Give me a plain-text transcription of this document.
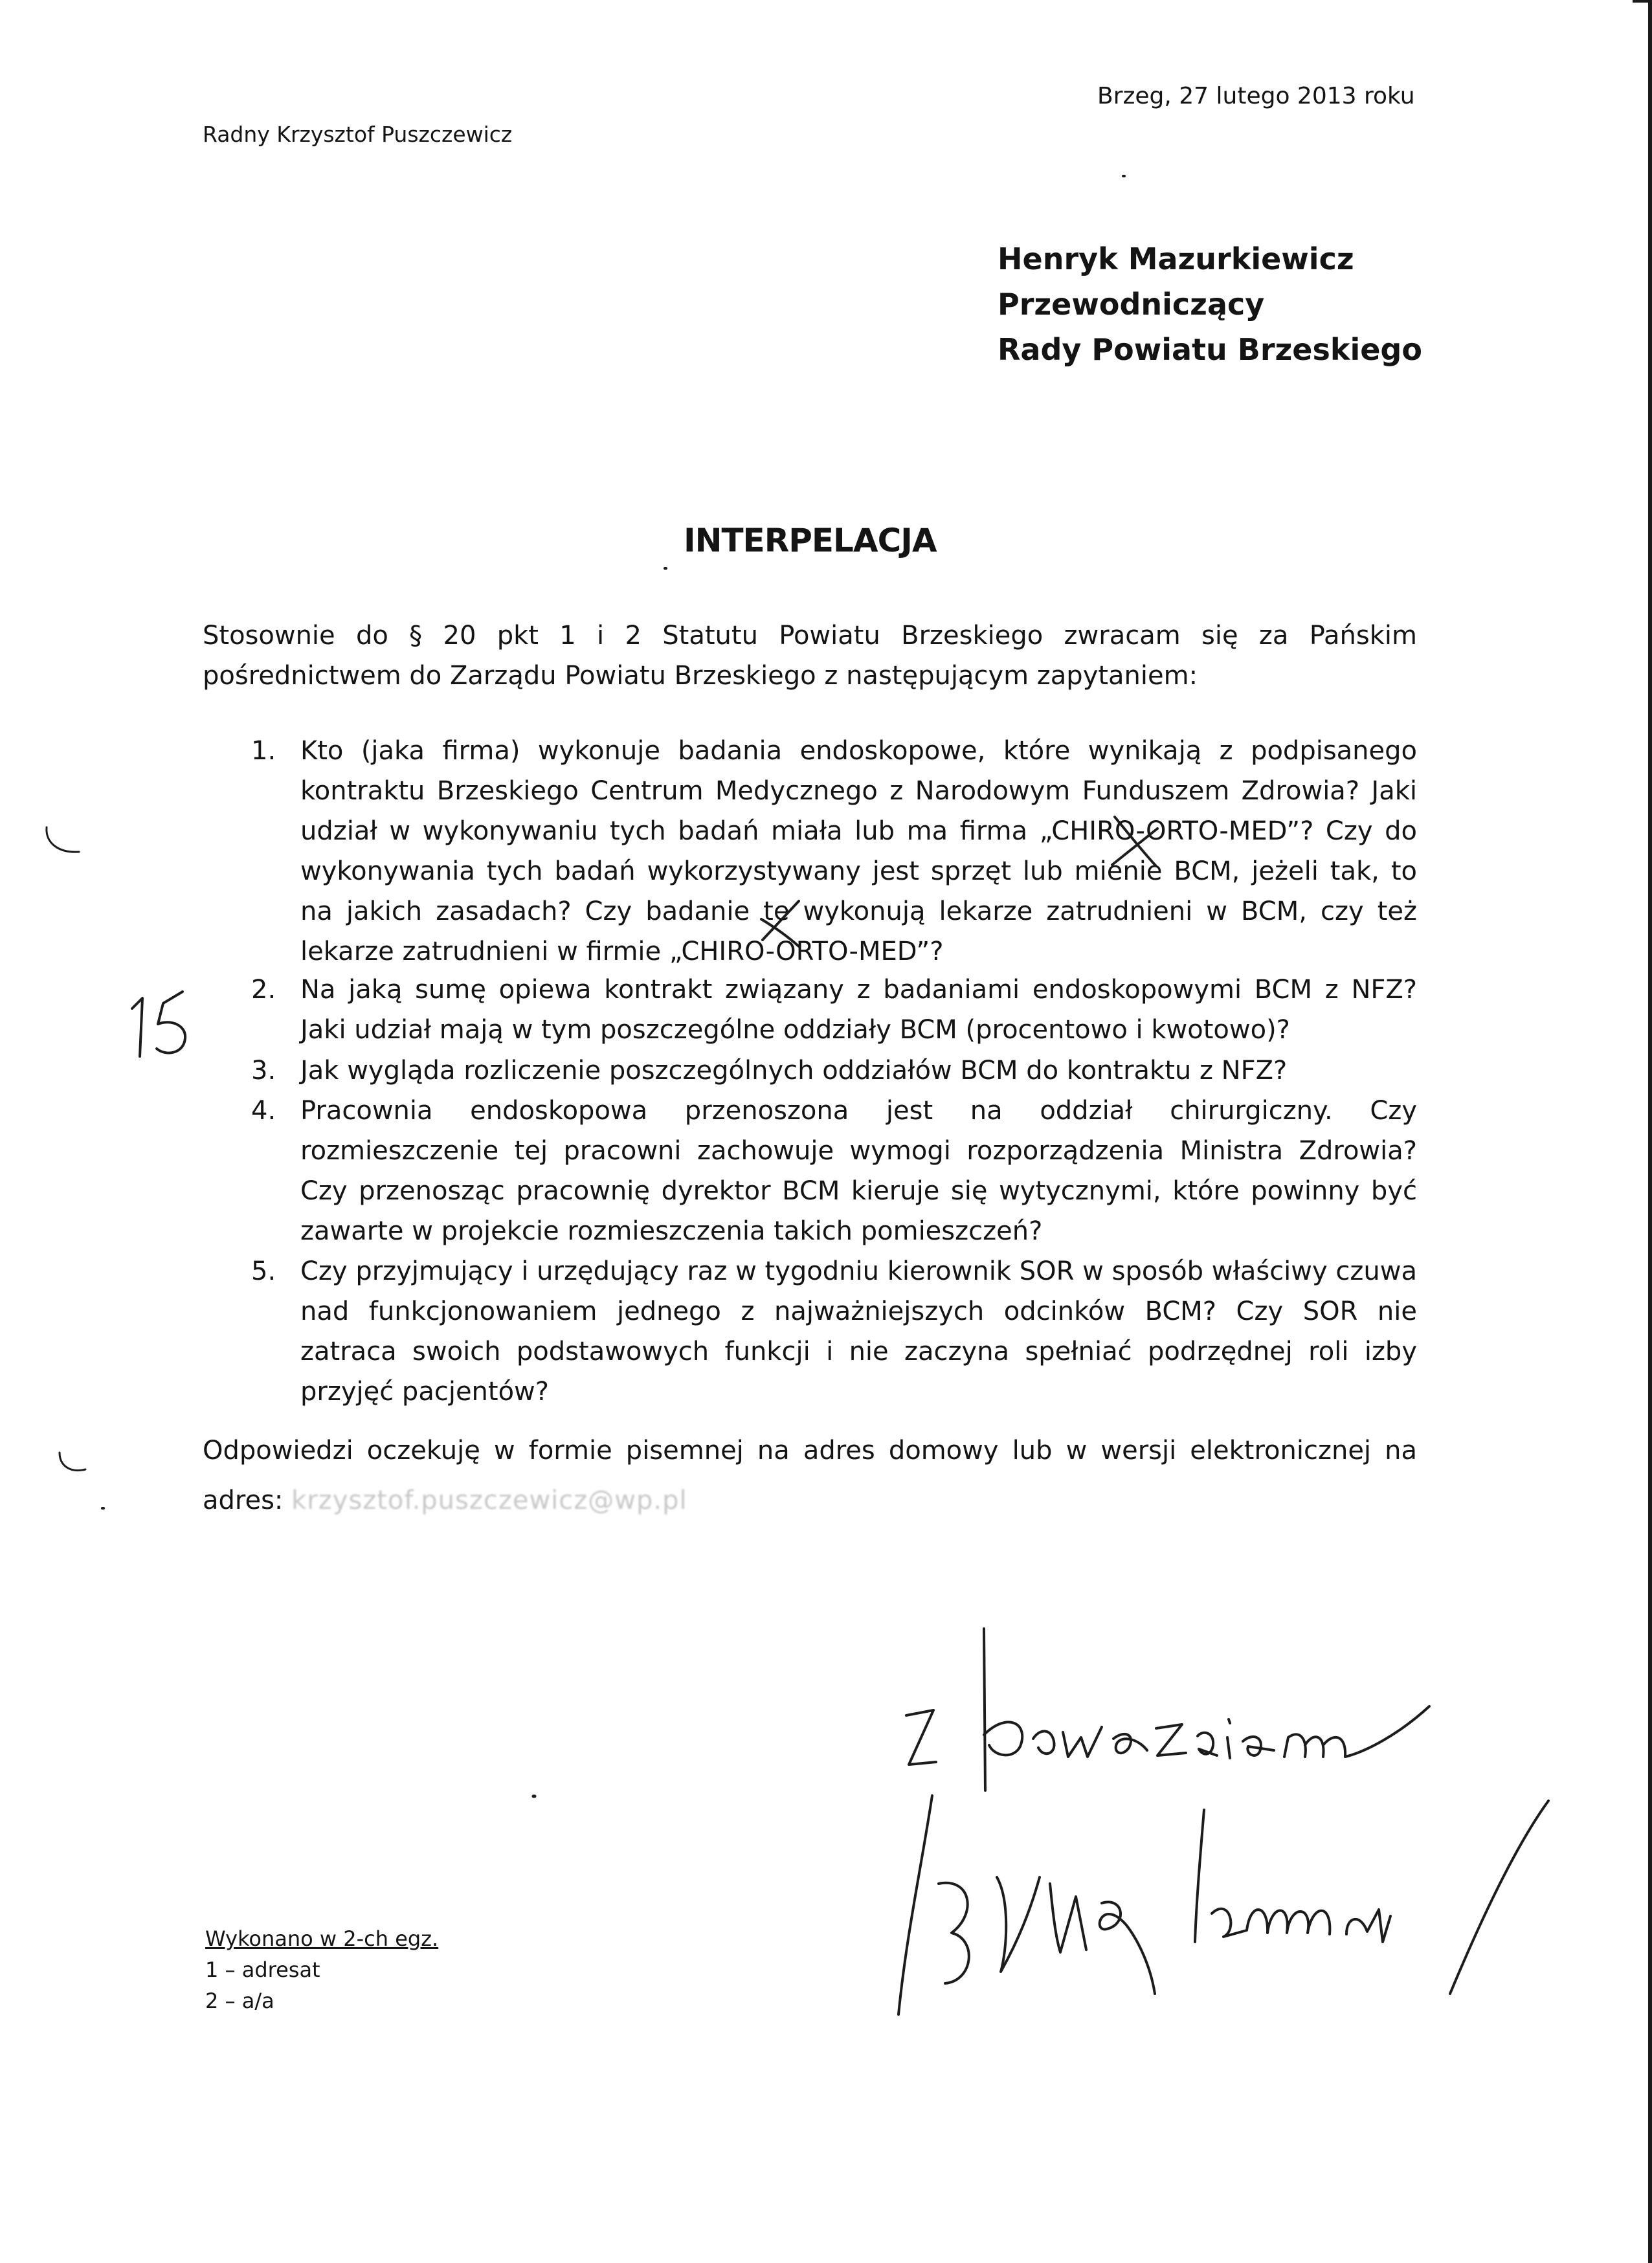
Radny Krzysztof Puszczewicz
Brzeg, 27 lutego 2013 roku
Henryk Mazurkiewicz
Przewodniczący
Rady Powiatu Brzeskiego
INTERPELACJA
Stosownie do § 20 pkt 1 i 2 Statutu Powiatu Brzeskiego zwracam się za Pańskim
pośrednictwem do Zarządu Powiatu Brzeskiego z następującym zapytaniem:
1. Kto (jaka firma) wykonuje badania endoskopowe, które wynikają z podpisanego
kontraktu Brzeskiego Centrum Medycznego z Narodowym Funduszem Zdrowia? Jaki
udział w wykonywaniu tych badań miała lub ma firma „CHIRO-ORTO-MED”? Czy do
wykonywania tych badań wykorzystywany jest sprzęt lub mienie BCM, jeżeli tak, to
na jakich zasadach? Czy badanie te wykonują lekarze zatrudnieni w BCM, czy też
lekarze zatrudnieni w firmie „CHIRO-ORTO-MED”?
2. Na jaką sumę opiewa kontrakt związany z badaniami endoskopowymi BCM z NFZ?
Jaki udział mają w tym poszczególne oddziały BCM (procentowo i kwotowo)?
3. Jak wygląda rozliczenie poszczególnych oddziałów BCM do kontraktu z NFZ?
4. Pracownia endoskopowa przenoszona jest na oddział chirurgiczny. Czy
rozmieszczenie tej pracowni zachowuje wymogi rozporządzenia Ministra Zdrowia?
Czy przenosząc pracownię dyrektor BCM kieruje się wytycznymi, które powinny być
zawarte w projekcie rozmieszczenia takich pomieszczeń?
5. Czy przyjmujący i urzędujący raz w tygodniu kierownik SOR w sposób właściwy czuwa
nad funkcjonowaniem jednego z najważniejszych odcinków BCM? Czy SOR nie
zatraca swoich podstawowych funkcji i nie zaczyna spełniać podrzędnej roli izby
przyjęć pacjentów?
Odpowiedzi oczekuję w formie pisemnej na adres domowy lub w wersji elektronicznej na
adres: krzysztof.puszczewicz@wp.pl
Wykonano w 2-ch egz.
1 – adresat
2 – a/a
